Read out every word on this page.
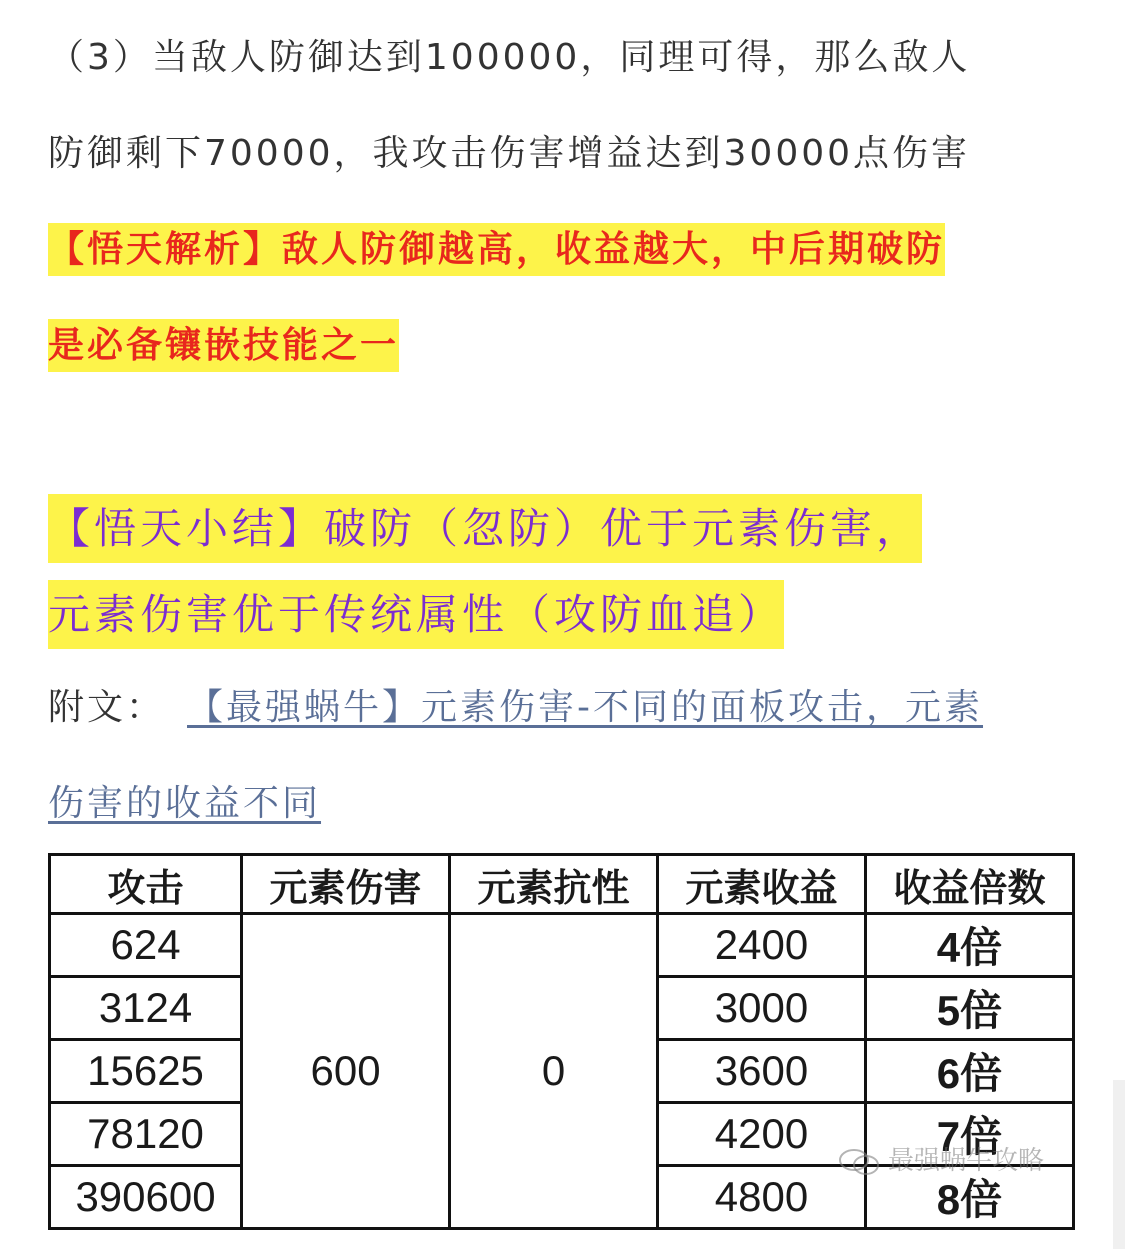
（3）当敌人防御达到100000，同理可得，那么敌人
防御剩下70000，我攻击伤害增益达到30000点伤害

【悟天解析】敌人防御越高，收益越大，中后期破防
是必备镶嵌技能之一

【悟天小结】破防（忽防）优于元素伤害，
元素伤害优于传统属性（攻防血追）

附文： 【最强蜗牛】元素伤害-不同的面板攻击，元素
伤害的收益不同

攻击	元素伤害	元素抗性	元素收益	收益倍数
624	600	0	2400	4倍
3124			3000	5倍
15625			3600	6倍
78120			4200	7倍
390600			4800	8倍
最强蜗牛攻略
